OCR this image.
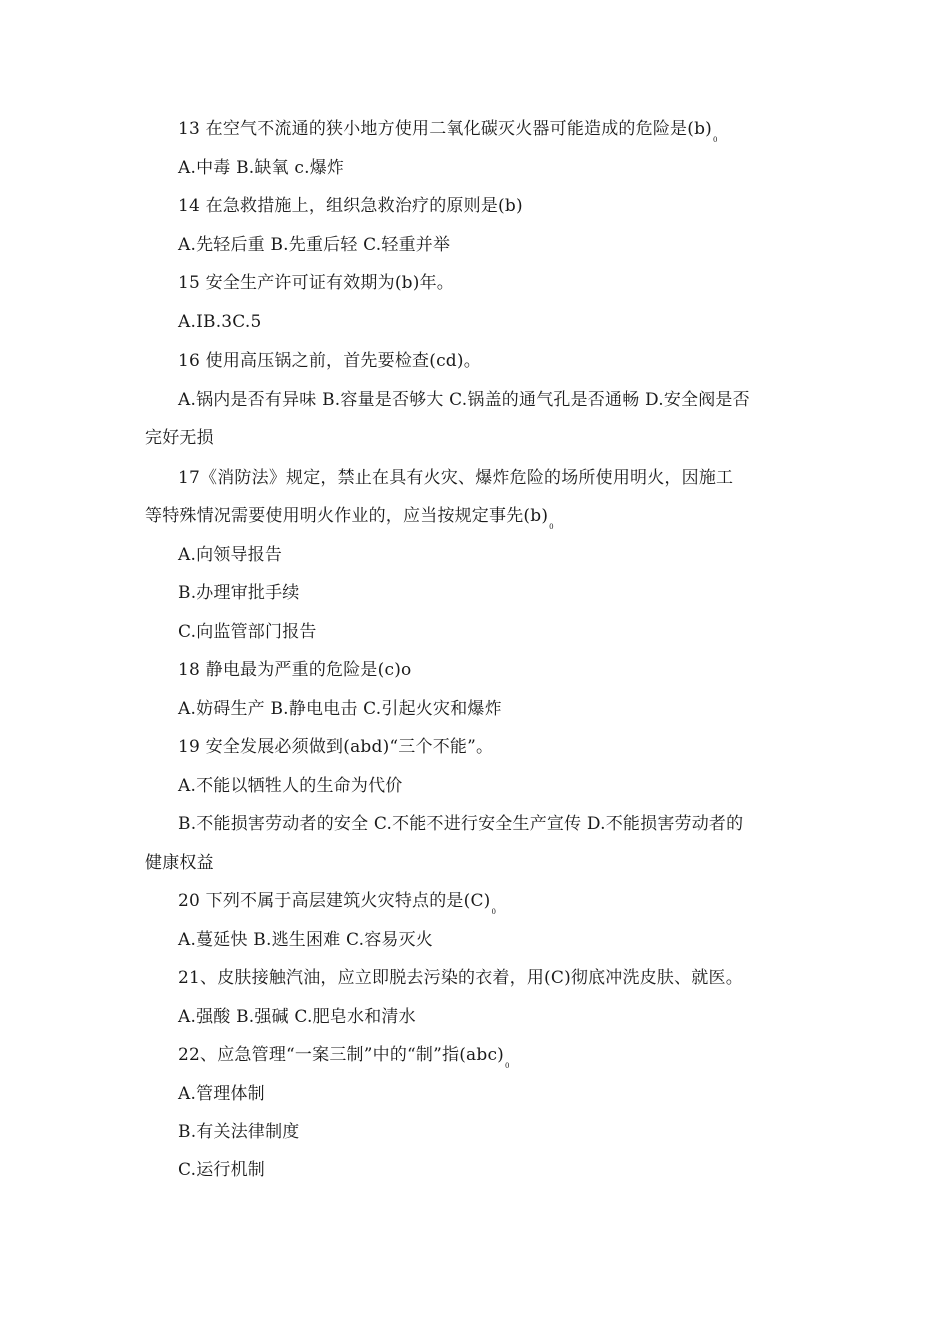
13 在空气不流通的狭小地方使用二氧化碳灭火器可能造成的危险是$(b)_0$
A.中毒 B.缺氧 c.爆炸
14 在急救措施上，组织急救治疗的原则是(b)
A.先轻后重 B.先重后轻 C.轻重并举
15 安全生产许可证有效期为(b)年。
A.IB.3C.5
16 使用高压锅之前，首先要检查(cd)。
A.锅内是否有异味 B.容量是否够大 C.锅盖的通气孔是否通畅 D.安全阀是否
完好无损
17《消防法》规定，禁止在具有火灾、爆炸危险的场所使用明火，因施工
等特殊情况需要使用明火作业的，应当按规定事先$(b)_0$
A.向领导报告
B.办理审批手续
C.向监管部门报告
18 静电最为严重的危险是(c)o
A.妨碍生产 B.静电电击 C.引起火灾和爆炸
19 安全发展必须做到(abd)“三个不能”。
A.不能以牺牲人的生命为代价
B.不能损害劳动者的安全 C.不能不进行安全生产宣传 D.不能损害劳动者的
健康权益
20 下列不属于高层建筑火灾特点的是$(C)_0$
A.蔓延快 B.逃生困难 C.容易灭火
21、皮肤接触汽油，应立即脱去污染的衣着，用(C)彻底冲洗皮肤、就医。
A.强酸 B.强碱 C.肥皂水和清水
22、应急管理“一案三制”中的“制”指$(abc)_0$
A.管理体制
B.有关法律制度
C.运行机制
